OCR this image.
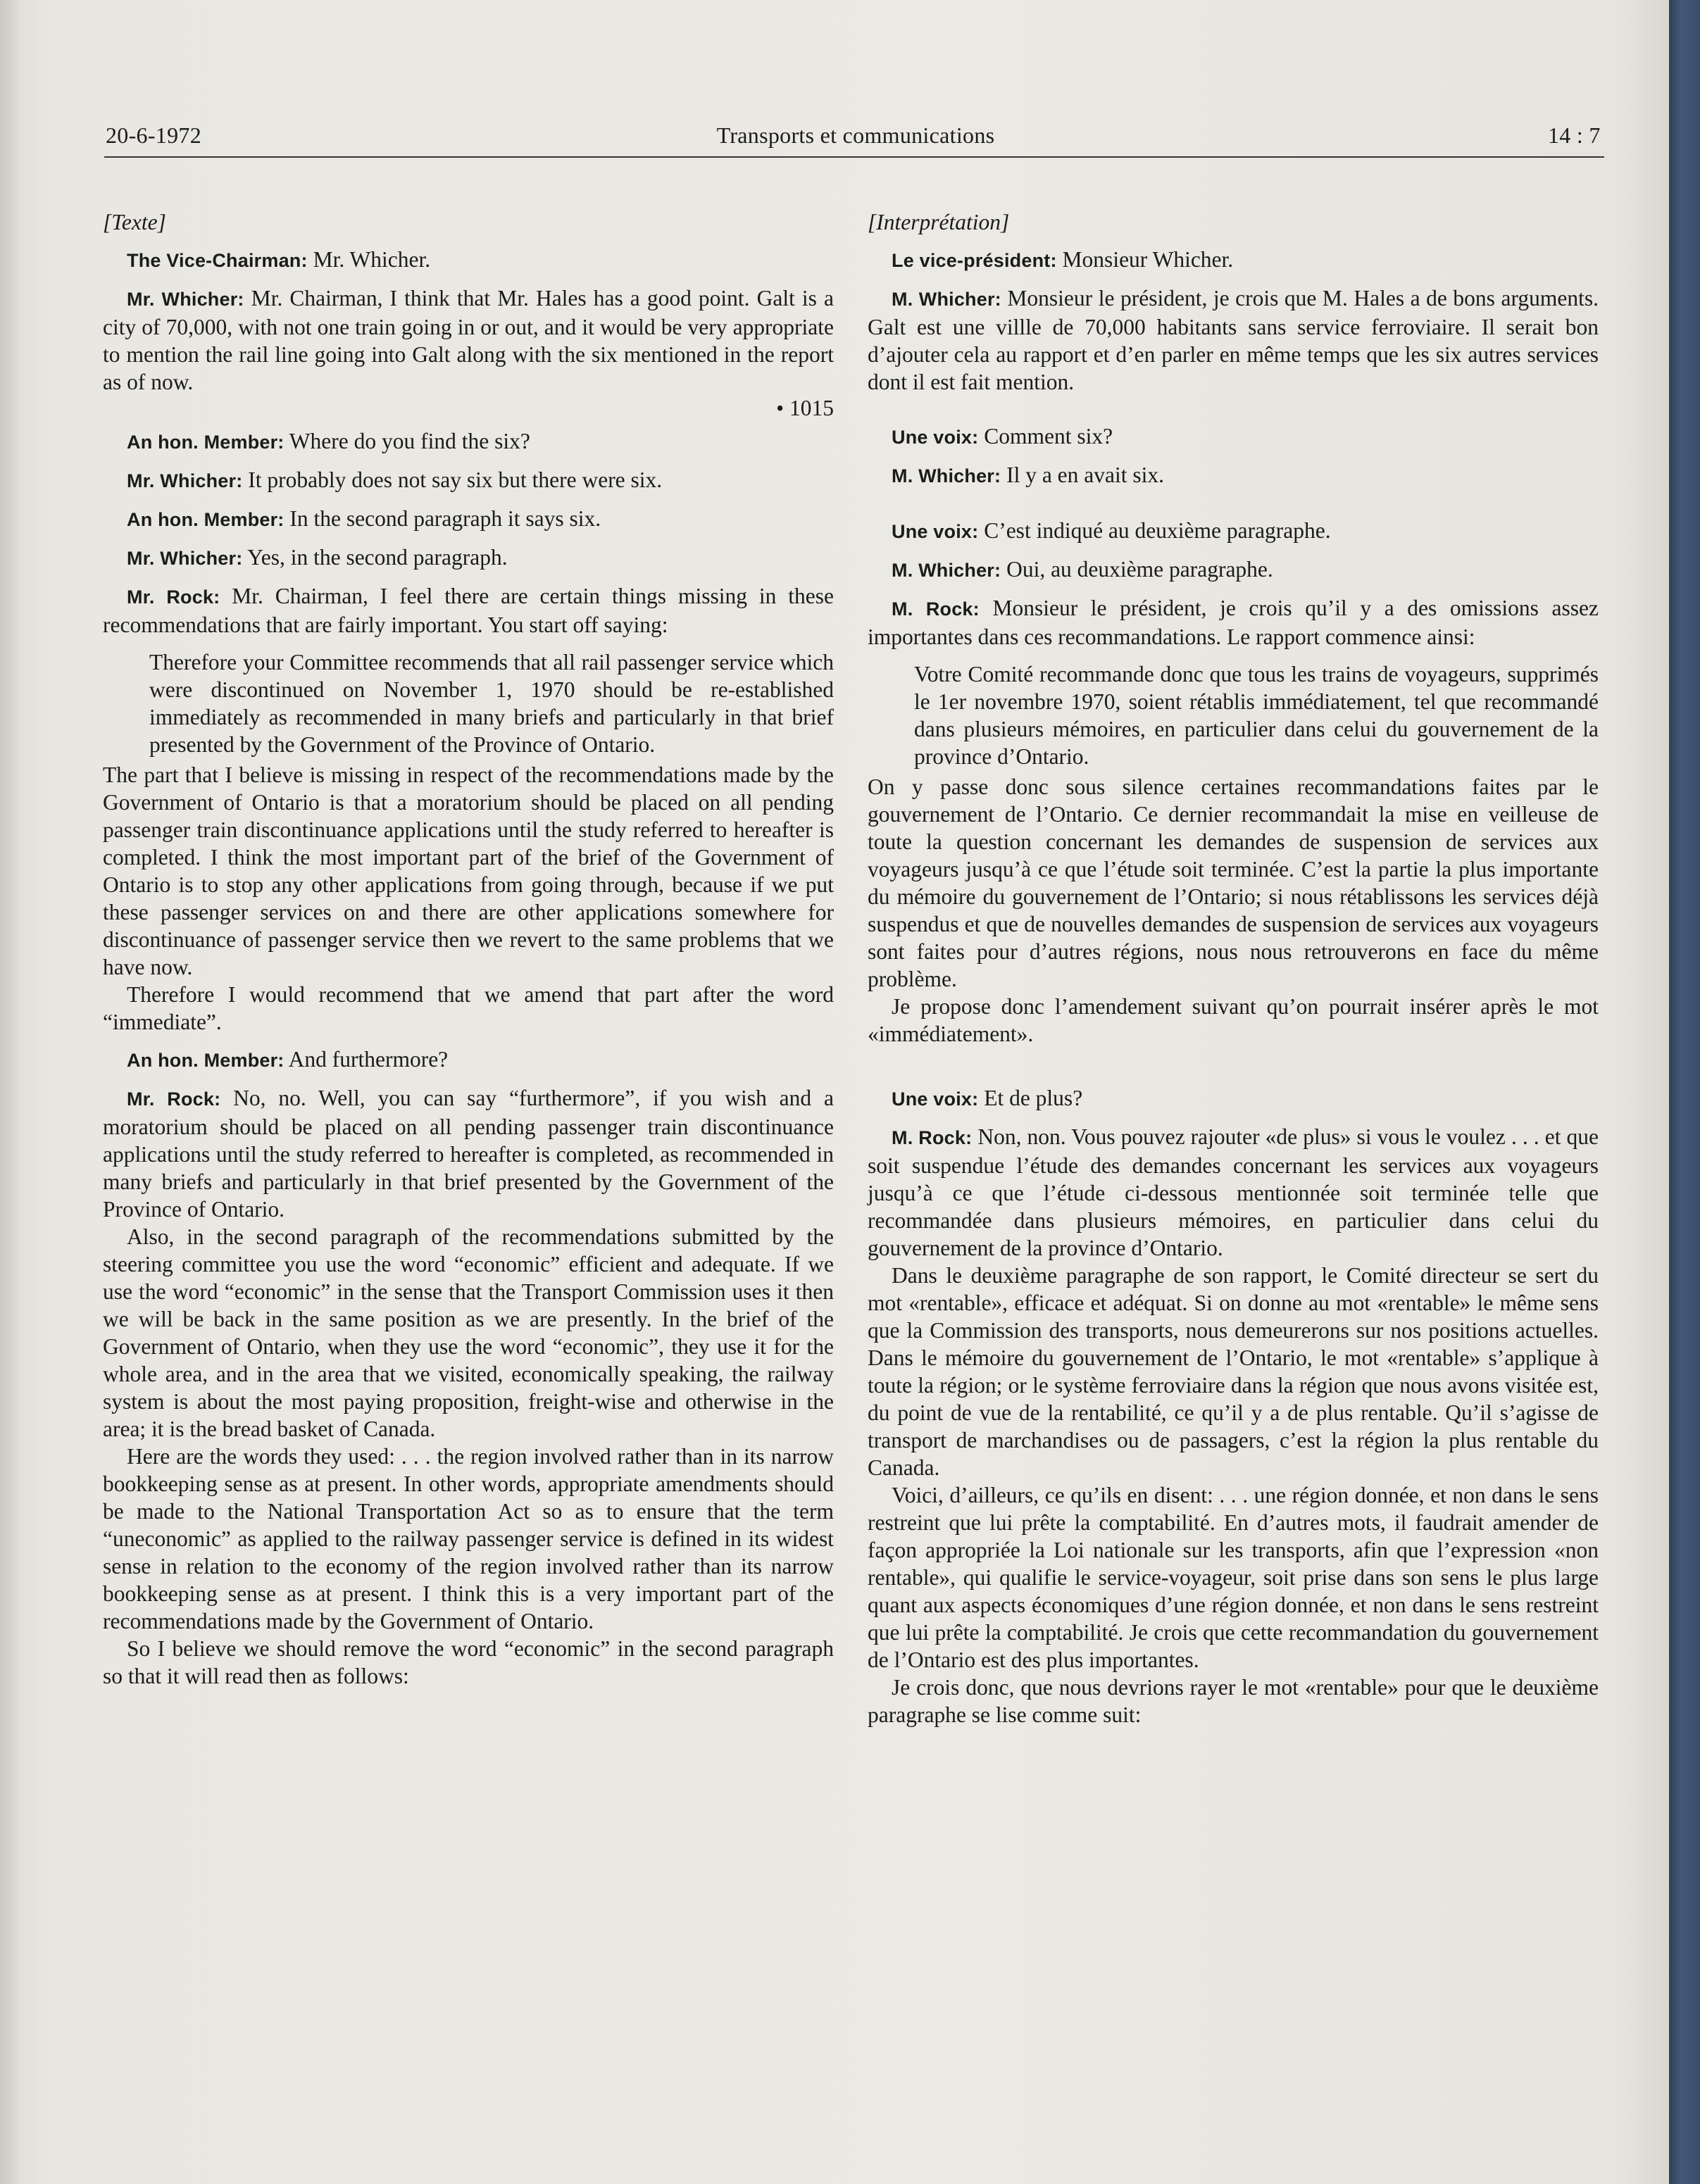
20-6-1972	Transports et communications	14 : 7
[Texte]
The Vice-Chairman: Mr. Whicher.
Mr. Whicher: Mr. Chairman, I think that Mr. Hales has a good point. Galt is a city of 70,000, with not one train going in or out, and it would be very appropriate to mention the rail line going into Galt along with the six mentioned in the report as of now.
• 1015
An hon. Member: Where do you find the six?
Mr. Whicher: It probably does not say six but there were six.
An hon. Member: In the second paragraph it says six.
Mr. Whicher: Yes, in the second paragraph.
Mr. Rock: Mr. Chairman, I feel there are certain things missing in these recommendations that are fairly important. You start off saying:
Therefore your Committee recommends that all rail passenger service which were discontinued on November 1, 1970 should be re-established immediately as recommended in many briefs and particularly in that brief presented by the Government of the Province of Ontario.
The part that I believe is missing in respect of the recommendations made by the Government of Ontario is that a moratorium should be placed on all pending passenger train discontinuance applications until the study referred to hereafter is completed. I think the most important part of the brief of the Government of Ontario is to stop any other applications from going through, because if we put these passenger services on and there are other applications somewhere for discontinuance of passenger service then we revert to the same problems that we have now.
Therefore I would recommend that we amend that part after the word “immediate”.
An hon. Member: And furthermore?
Mr. Rock: No, no. Well, you can say “furthermore”, if you wish and a moratorium should be placed on all pending passenger train discontinuance applications until the study referred to hereafter is completed, as recommended in many briefs and particularly in that brief presented by the Government of the Province of Ontario.
Also, in the second paragraph of the recommendations submitted by the steering committee you use the word “economic” efficient and adequate. If we use the word “economic” in the sense that the Transport Commission uses it then we will be back in the same position as we are presently. In the brief of the Government of Ontario, when they use the word “economic”, they use it for the whole area, and in the area that we visited, economically speaking, the railway system is about the most paying proposition, freight-wise and otherwise in the area; it is the bread basket of Canada.
Here are the words they used: . . . the region involved rather than in its narrow bookkeeping sense as at present. In other words, appropriate amendments should be made to the National Transportation Act so as to ensure that the term “uneconomic” as applied to the railway passenger service is defined in its widest sense in relation to the economy of the region involved rather than its narrow bookkeeping sense as at present. I think this is a very important part of the recommendations made by the Government of Ontario.
So I believe we should remove the word “economic” in the second paragraph so that it will read then as follows:
[Interprétation]
Le vice-président: Monsieur Whicher.
M. Whicher: Monsieur le président, je crois que M. Hales a de bons arguments. Galt est une villle de 70,000 habitants sans service ferroviaire. Il serait bon d’ajouter cela au rapport et d’en parler en même temps que les six autres services dont il est fait mention.
Une voix: Comment six?
M. Whicher: Il y a en avait six.
Une voix: C’est indiqué au deuxième paragraphe.
M. Whicher: Oui, au deuxième paragraphe.
M. Rock: Monsieur le président, je crois qu’il y a des omissions assez importantes dans ces recommandations. Le rapport commence ainsi:
Votre Comité recommande donc que tous les trains de voyageurs, supprimés le 1er novembre 1970, soient rétablis immédiatement, tel que recommandé dans plusieurs mémoires, en particulier dans celui du gouvernement de la province d’Ontario.
On y passe donc sous silence certaines recommandations faites par le gouvernement de l’Ontario. Ce dernier recommandait la mise en veilleuse de toute la question concernant les demandes de suspension de services aux voyageurs jusqu’à ce que l’étude soit terminée. C’est la partie la plus importante du mémoire du gouvernement de l’Ontario; si nous rétablissons les services déjà suspendus et que de nouvelles demandes de suspension de services aux voyageurs sont faites pour d’autres régions, nous nous retrouverons en face du même problème.
Je propose donc l’amendement suivant qu’on pourrait insérer après le mot «immédiatement».
Une voix: Et de plus?
M. Rock: Non, non. Vous pouvez rajouter «de plus» si vous le voulez . . . et que soit suspendue l’étude des demandes concernant les services aux voyageurs jusqu’à ce que l’étude ci-dessous mentionnée soit terminée telle que recommandée dans plusieurs mémoires, en particulier dans celui du gouvernement de la province d’Ontario.
Dans le deuxième paragraphe de son rapport, le Comité directeur se sert du mot «rentable», efficace et adéquat. Si on donne au mot «rentable» le même sens que la Commission des transports, nous demeurerons sur nos positions actuelles. Dans le mémoire du gouvernement de l’Ontario, le mot «rentable» s’applique à toute la région; or le système ferroviaire dans la région que nous avons visitée est, du point de vue de la rentabilité, ce qu’il y a de plus rentable. Qu’il s’agisse de transport de marchandises ou de passagers, c’est la région la plus rentable du Canada.
Voici, d’ailleurs, ce qu’ils en disent: . . . une région donnée, et non dans le sens restreint que lui prête la comptabilité. En d’autres mots, il faudrait amender de façon appropriée la Loi nationale sur les transports, afin que l’expression «non rentable», qui qualifie le service-voyageur, soit prise dans son sens le plus large quant aux aspects économiques d’une région donnée, et non dans le sens restreint que lui prête la comptabilité. Je crois que cette recommandation du gouvernement de l’Ontario est des plus importantes.
Je crois donc, que nous devrions rayer le mot «rentable» pour que le deuxième paragraphe se lise comme suit:
